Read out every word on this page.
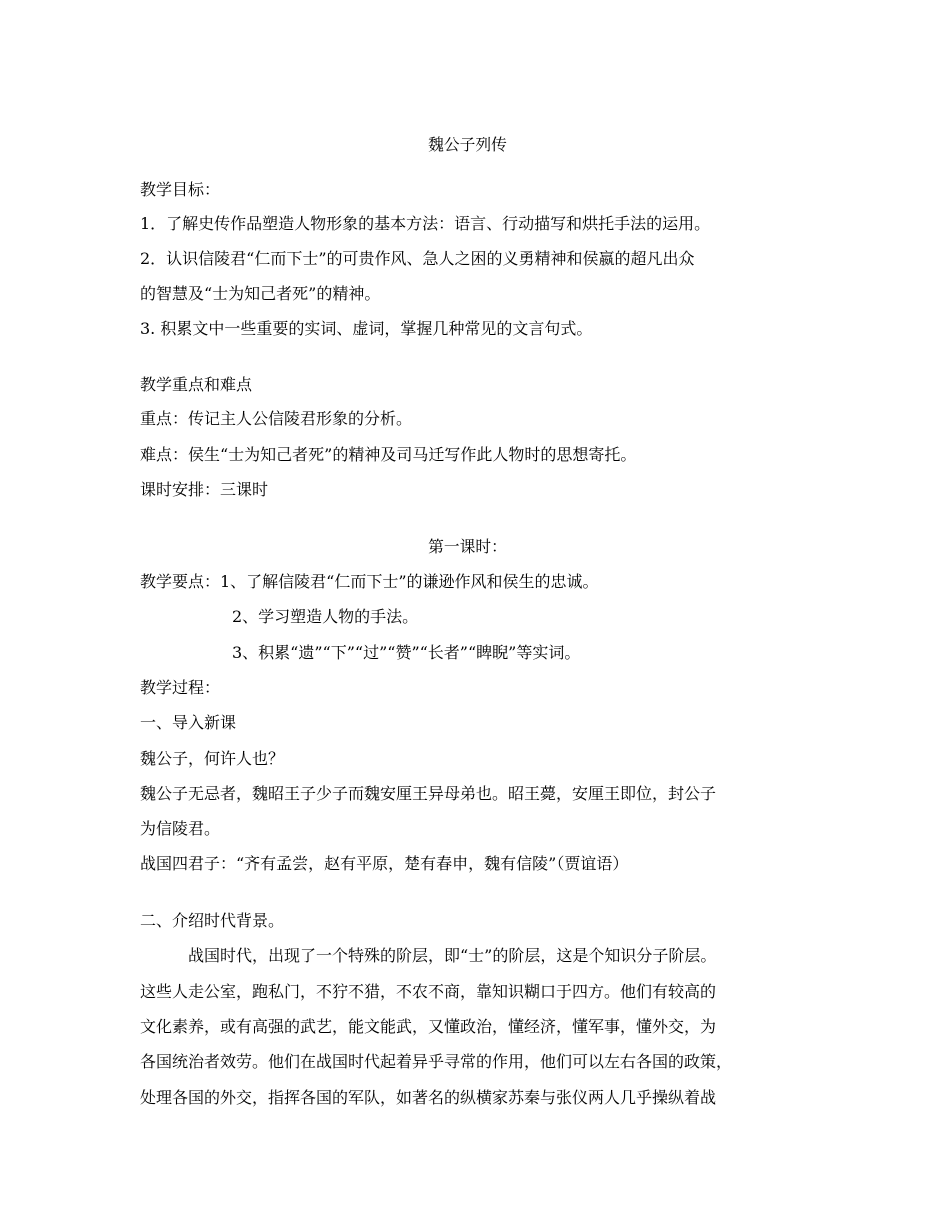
魏公子列传
教学目标：
1．了解史传作品塑造人物形象的基本方法：语言、行动描写和烘托手法的运用。
2．认识信陵君“仁而下士”的可贵作风、急人之困的义勇精神和侯嬴的超凡出众
的智慧及“士为知己者死”的精神。
3. 积累文中一些重要的实词、虚词，掌握几种常见的文言句式。
教学重点和难点
重点：传记主人公信陵君形象的分析。
难点：侯生“士为知己者死”的精神及司马迁写作此人物时的思想寄托。
课时安排：三课时
第一课时：
教学要点：1、了解信陵君“仁而下士”的谦逊作风和侯生的忠诚。
2、学习塑造人物的手法。
3、积累“遗”“下”“过”“赞”“长者”“睥睨”等实词。
教学过程：
一、导入新课
魏公子，何许人也？
魏公子无忌者，魏昭王子少子而魏安厘王异母弟也。昭王薨，安厘王即位，封公子
为信陵君。
战国四君子：“齐有孟尝，赵有平原，楚有春申，魏有信陵”（贾谊语）
二、介绍时代背景。
战国时代，出现了一个特殊的阶层，即“士”的阶层，这是个知识分子阶层。
这些人走公室，跑私门，不狞不猎，不农不商，靠知识糊口于四方。他们有较高的
文化素养，或有高强的武艺，能文能武，又懂政治，懂经济，懂军事，懂外交，为
各国统治者效劳。他们在战国时代起着异乎寻常的作用，他们可以左右各国的政策，
处理各国的外交，指挥各国的军队，如著名的纵横家苏秦与张仪两人几乎操纵着战
